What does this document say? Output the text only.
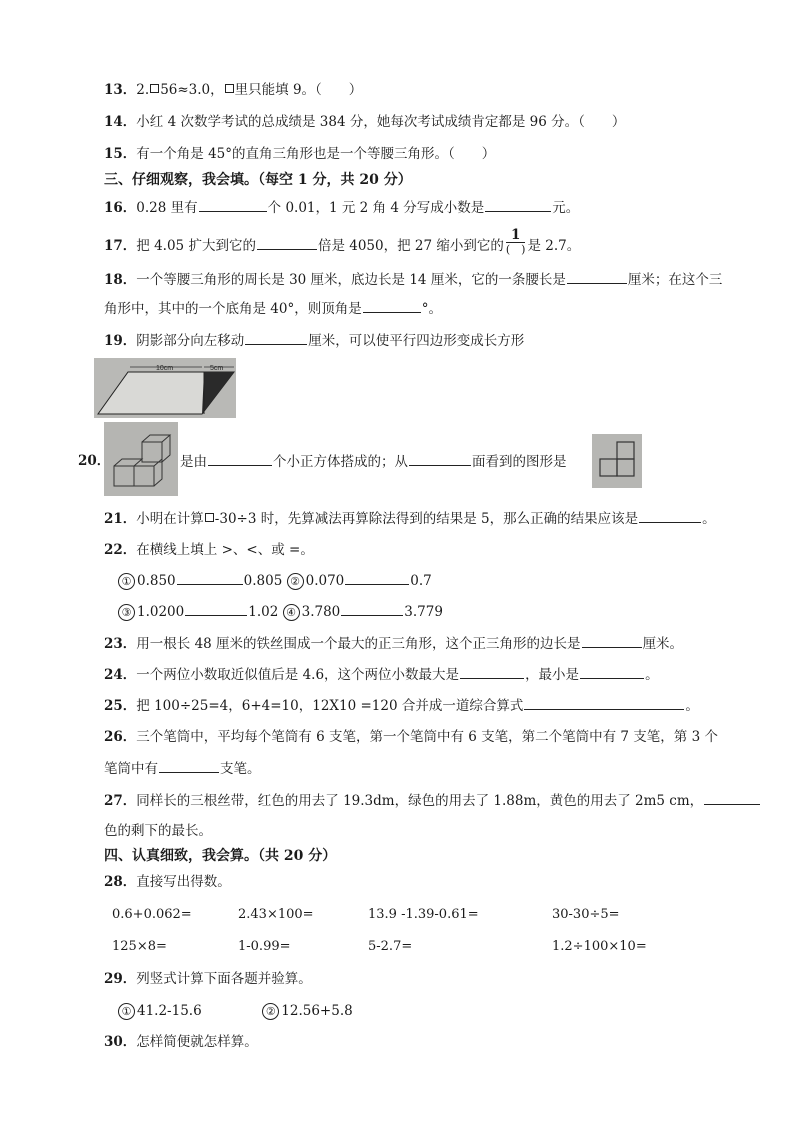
13．2. 56≈3.0， 里只能填 9。（　　）
14．小红 4 次数学考试的总成绩是 384 分，她每次考试成绩肯定都是 96 分。（　　）
15．有一个角是 45°的直角三角形也是一个等腰三角形。（　　）
三、仔细观察，我会填。（每空 1 分，共 20 分）
16．0.28 里有	个 0.01，1 元 2 角 4 分写成小数是	元。
17．把 4.05 扩大到它的	倍是 4050，把 27 缩小到它的 $\frac{1}{( )}$ 是 2.7。
18．一个等腰三角形的周长是 30 厘米，底边长是 14 厘米，它的一条腰长是	厘米；在这个三
角形中，其中的一个底角是 40°，则顶角是	°。
19．阴影部分向左移动	厘米，可以使平行四边形变成长方形
10cm	5cm
20．	是由	个小正方体搭成的；从	面看到的图形是
21．小明在计算 -30÷3 时，先算减法再算除法得到的结果是 5，那么正确的结果应该是	。
22．在横线上填上 >、<、或 =。
① 0.850	0.805 ② 0.070	0.7
③ 1.0200	1.02 ④ 3.780	3.779
23．用一根长 48 厘米的铁丝围成一个最大的正三角形，这个正三角形的边长是	厘米。
24．一个两位小数取近似值后是 4.6，这个两位小数最大是	，最小是	。
25．把 100÷25=4，6+4=10，12X10 =120 合并成一道综合算式	。
26．三个笔筒中，平均每个笔筒有 6 支笔，第一个笔筒中有 6 支笔，第二个笔筒中有 7 支笔，第 3 个
笔筒中有	支笔。
27．同样长的三根丝带，红色的用去了 19.3dm，绿色的用去了 1.88m，黄色的用去了 2m5 cm，
色的剩下的最长。
四、认真细致，我会算。（共 20 分）
28．直接写出得数。
0.6+0.062=	2.43×100=	13.9 -1.39-0.61=	30-30÷5=
125×8=	1-0.99=	5-2.7=	1.2÷100×10=
29．列竖式计算下面各题并验算。
① 41.2-15.6	② 12.56+5.8
30．怎样简便就怎样算。
